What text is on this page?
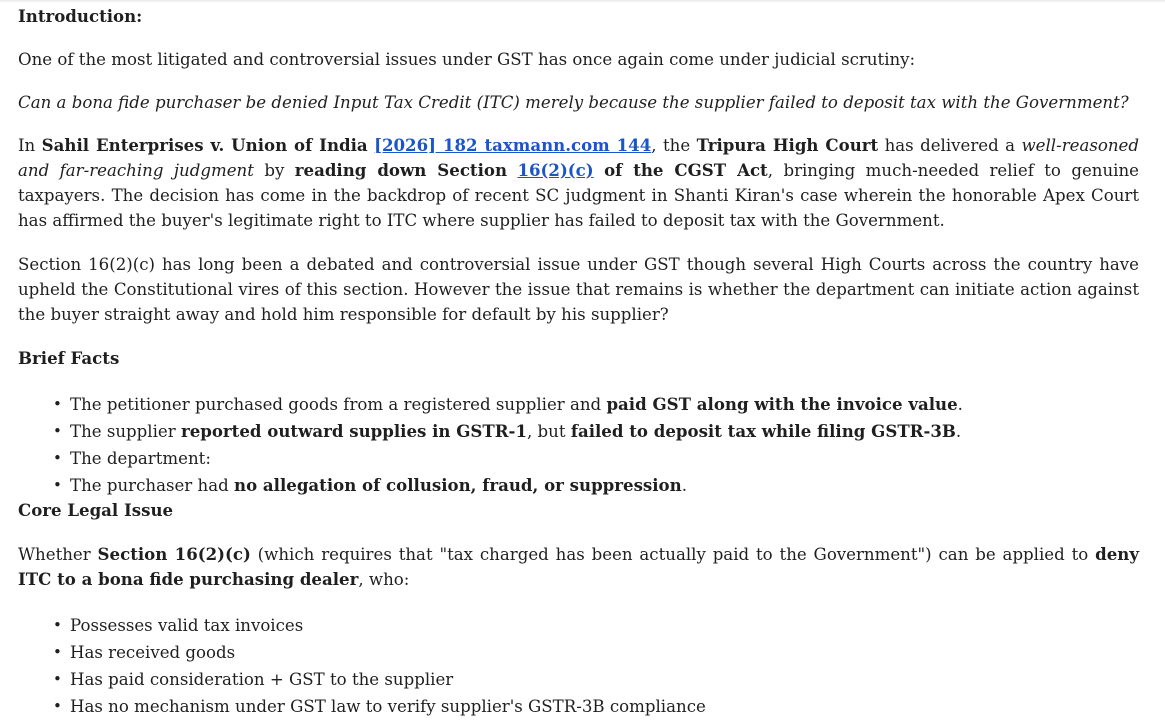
Introduction:

One of the most litigated and controversial issues under GST has once again come under judicial scrutiny:

Can a bona fide purchaser be denied Input Tax Credit (ITC) merely because the supplier failed to deposit tax with the Government?

In Sahil Enterprises v. Union of India [2026] 182 taxmann.com 144, the Tripura High Court has delivered a well-reasoned and far-reaching judgment by reading down Section 16(2)(c) of the CGST Act, bringing much-needed relief to genuine taxpayers. The decision has come in the backdrop of recent SC judgment in Shanti Kiran's case wherein the honorable Apex Court has affirmed the buyer's legitimate right to ITC where supplier has failed to deposit tax with the Government.

Section 16(2)(c) has long been a debated and controversial issue under GST though several High Courts across the country have upheld the Constitutional vires of this section. However the issue that remains is whether the department can initiate action against the buyer straight away and hold him responsible for default by his supplier?

Brief Facts

• The petitioner purchased goods from a registered supplier and paid GST along with the invoice value.
• The supplier reported outward supplies in GSTR-1, but failed to deposit tax while filing GSTR-3B.
• The department:
• The purchaser had no allegation of collusion, fraud, or suppression.

Core Legal Issue

Whether Section 16(2)(c) (which requires that "tax charged has been actually paid to the Government") can be applied to deny ITC to a bona fide purchasing dealer, who:

• Possesses valid tax invoices
• Has received goods
• Has paid consideration + GST to the supplier
• Has no mechanism under GST law to verify supplier's GSTR-3B compliance
